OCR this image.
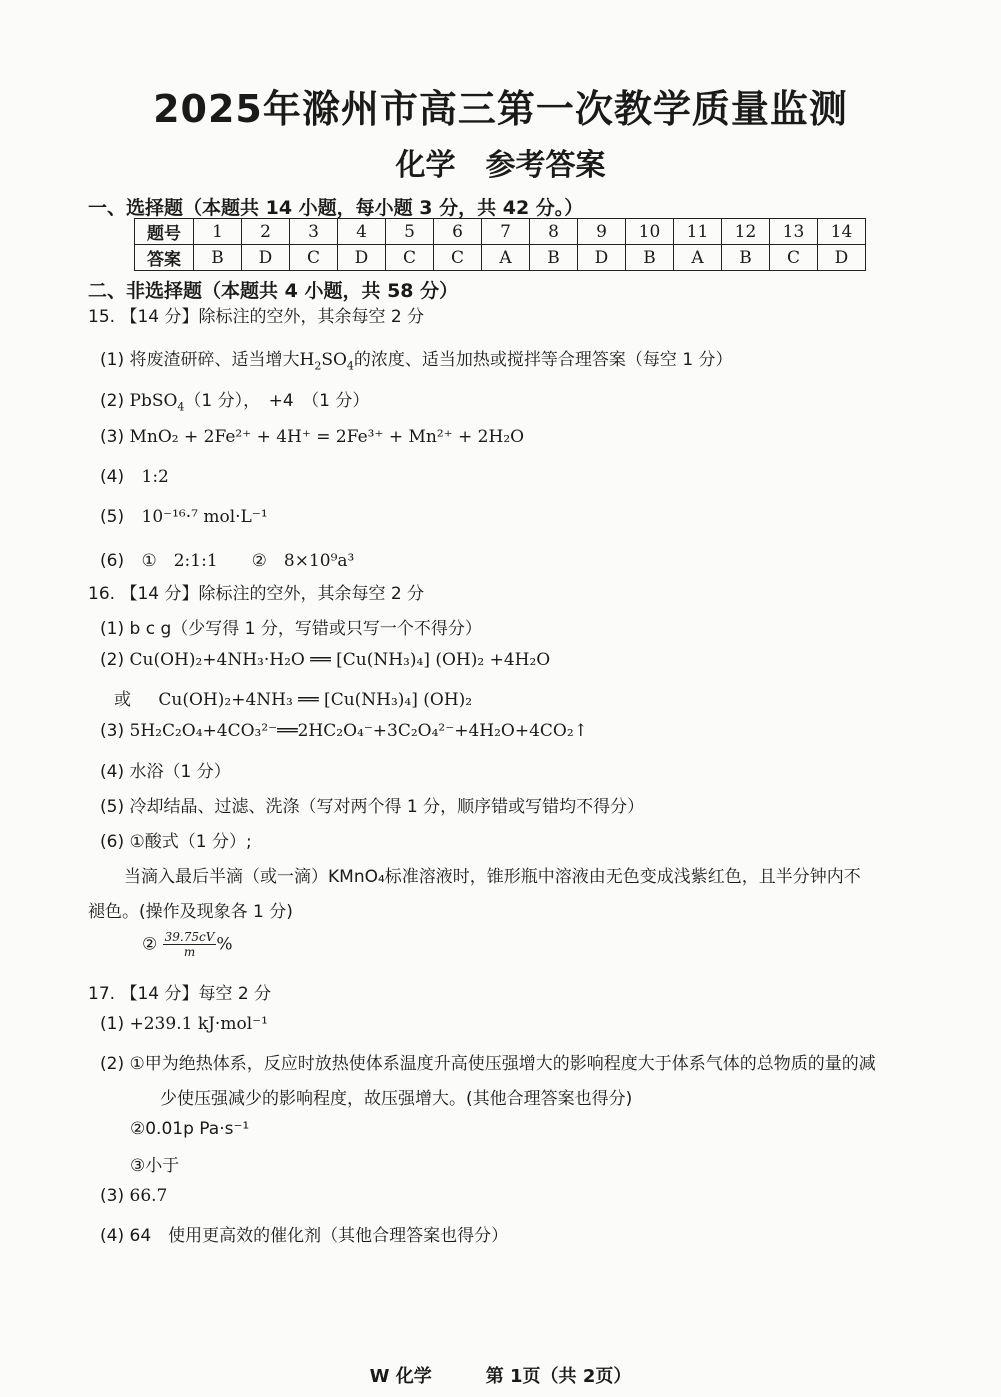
2025年滁州市高三第一次教学质量监测
化学　参考答案
一、选择题（本题共 14 小题，每小题 3 分，共 42 分。）
题号	1	2	3	4	5	6	7	8	9	10	11	12	13	14
答案	B	D	C	D	C	C	A	B	D	B	A	B	C	D
二、非选择题（本题共 4 小题，共 58 分）
15. 【14 分】除标注的空外，其余每空 2 分
(1) 将废渣研碎、适当增大$H_2SO_4$的浓度、适当加热或搅拌等合理答案（每空 1 分）
(2) PbSO$_4$（1 分），　+4　（1 分）
(3) MnO₂ + 2Fe²⁺ + 4H⁺ = 2Fe³⁺ + Mn²⁺ + 2H₂O
(4) 1:2
(5) 10⁻¹⁶·⁷ mol·L⁻¹
(6) ①　2:1:1　　②　8×10⁹a³
16. 【14 分】除标注的空外，其余每空 2 分
(1) b c g（少写得 1 分，写错或只写一个不得分）
(2) Cu(OH)₂+4NH₃·H₂O ══ [Cu(NH₃)₄] (OH)₂ +4H₂O
或 Cu(OH)₂+4NH₃ ══ [Cu(NH₃)₄] (OH)₂
(3) 5H₂C₂O₄+4CO₃²⁻══2HC₂O₄⁻+3C₂O₄²⁻+4H₂O+4CO₂↑
(4) 水浴（1 分）
(5) 冷却结晶、过滤、洗涤（写对两个得 1 分，顺序错或写错均不得分）
(6) ①酸式（1 分）;
当滴入最后半滴（或一滴）KMnO₄标准溶液时，锥形瓶中溶液由无色变成浅紫红色，且半分钟内不
褪色。(操作及现象各 1 分)
② $\frac{39.75cV}{m}$ %
17. 【14 分】每空 2 分
(1) +239.1 kJ·mol⁻¹
(2) ①甲为绝热体系，反应时放热使体系温度升高使压强增大的影响程度大于体系气体的总物质的量的减
少使压强减少的影响程度，故压强增大。(其他合理答案也得分)
②0.01p Pa·s⁻¹
③小于
(3) 66.7
(4) 64　使用更高效的催化剂（其他合理答案也得分）
W 化学　　　第 1页（共 2页）
